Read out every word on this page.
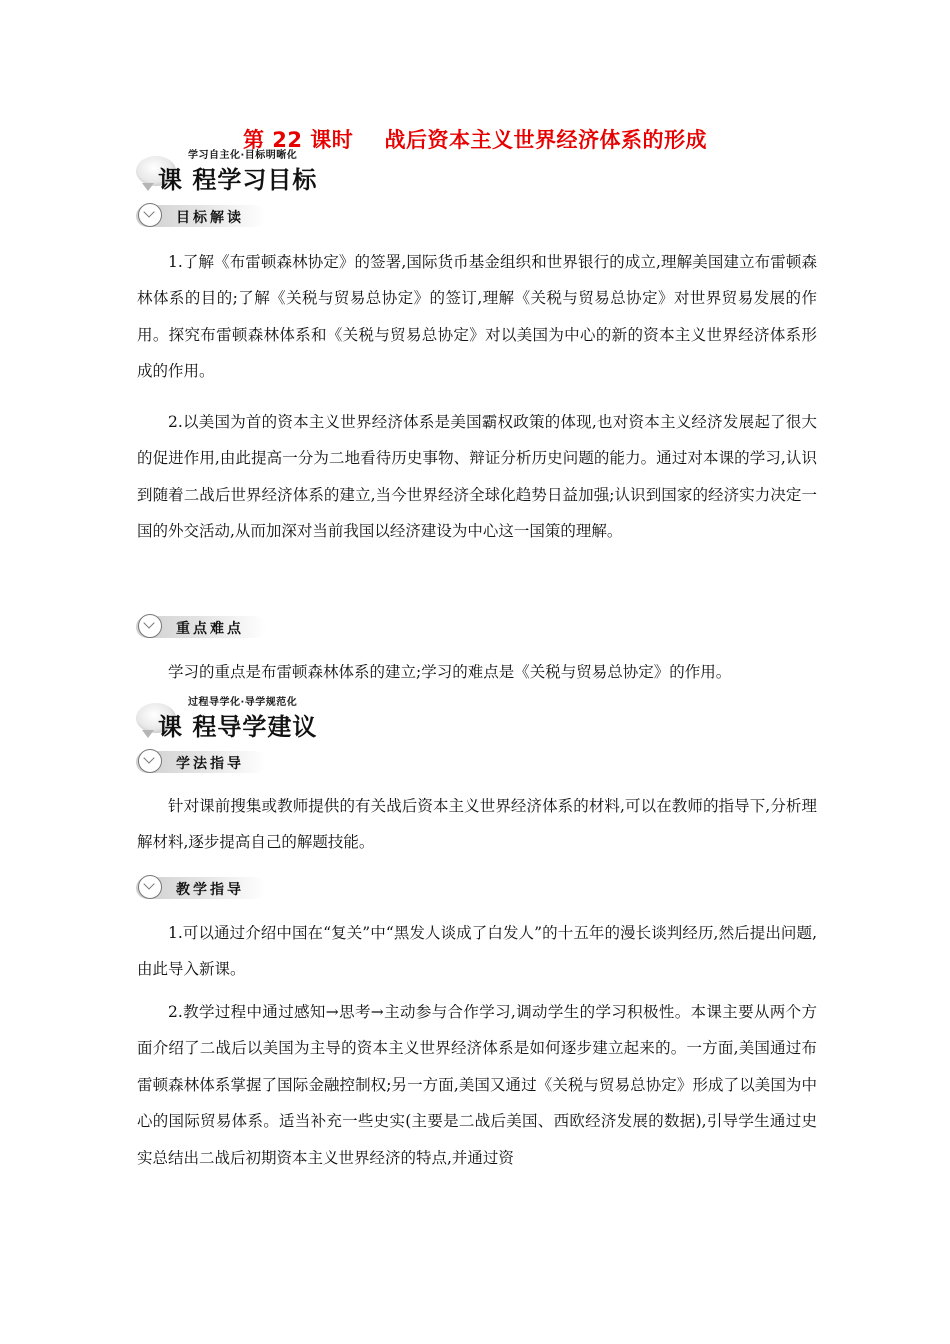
第 22 课时    战后资本主义世界经济体系的形成
学习自主化·目标明晰化
课 程学习目标
目标解读

1.了解《布雷顿森林协定》的签署,国际货币基金组织和世界银行的成立,理解美国建立布雷顿森林体系的目的;了解《关税与贸易总协定》的签订,理解《关税与贸易总协定》对世界贸易发展的作用。探究布雷顿森林体系和《关税与贸易总协定》对以美国为中心的新的资本主义世界经济体系形成的作用。

2.以美国为首的资本主义世界经济体系是美国霸权政策的体现,也对资本主义经济发展起了很大的促进作用,由此提高一分为二地看待历史事物、辩证分析历史问题的能力。通过对本课的学习,认识到随着二战后世界经济体系的建立,当今世界经济全球化趋势日益加强;认识到国家的经济实力决定一国的外交活动,从而加深对当前我国以经济建设为中心这一国策的理解。

重点难点

学习的重点是布雷顿森林体系的建立;学习的难点是《关税与贸易总协定》的作用。

过程导学化·导学规范化
课 程导学建议
学法指导

针对课前搜集或教师提供的有关战后资本主义世界经济体系的材料,可以在教师的指导下,分析理解材料,逐步提高自己的解题技能。

教学指导

1.可以通过介绍中国在“复关”中“黑发人谈成了白发人”的十五年的漫长谈判经历,然后提出问题,由此导入新课。

2.教学过程中通过感知→思考→主动参与合作学习,调动学生的学习积极性。本课主要从两个方面介绍了二战后以美国为主导的资本主义世界经济体系是如何逐步建立起来的。一方面,美国通过布雷顿森林体系掌握了国际金融控制权;另一方面,美国又通过《关税与贸易总协定》形成了以美国为中心的国际贸易体系。适当补充一些史实(主要是二战后美国、西欧经济发展的数据),引导学生通过史实总结出二战后初期资本主义世界经济的特点,并通过资
